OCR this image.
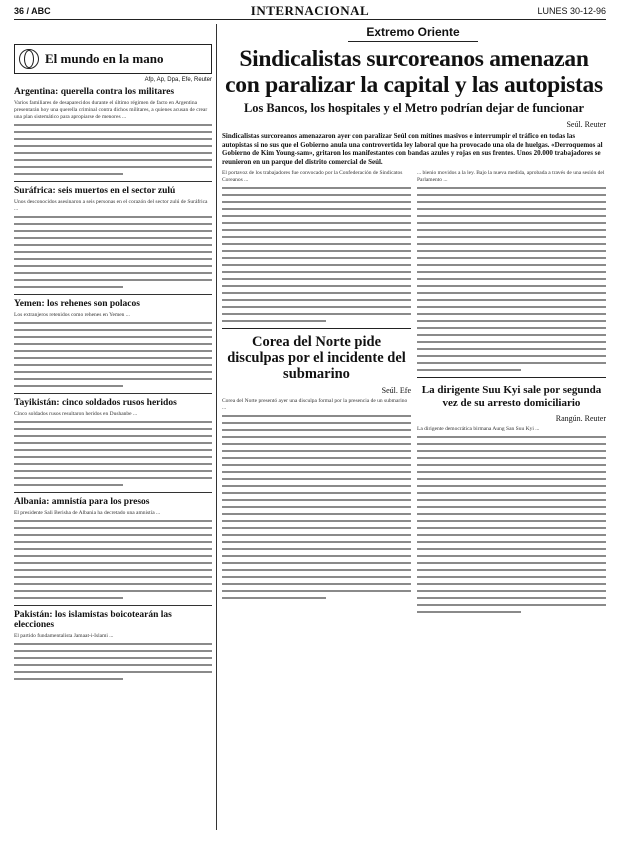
36 / ABC	INTERNACIONAL	LUNES 30-12-96
El mundo en la mano
Afp, Ap, Dpa, Efe, Reuter
Argentina: querella contra los militares
Varios familiares de desaparecidos durante el último régimen de facto en Argentina presentarán hoy una querella criminal contra dichos militares, a quienes acusan de crear una plan sistemático para apropiarse de menores ...
Suráfrica: seis muertos en el sector zulú
Unos desconocidos asesinaron a seis personas en el corazón del sector zulú de Suráfrica ...
Yemen: los rehenes son polacos
Los extranjeros retenidos como rehenes en Yemen ...
Tayikistán: cinco soldados rusos heridos
Cinco soldados rusos resultaron heridos en Dushanbe ...
Albania: amnistía para los presos
El presidente Sali Berisha de Albania ha decretado una amnistía ...
Pakistán: los islamistas boicotearán las elecciones
El partido fundamentalista Jamaat-i-Islami ...
Extremo Oriente
Sindicalistas surcoreanos amenazan con paralizar la capital y las autopistas
Los Bancos, los hospitales y el Metro podrían dejar de funcionar
Seúl. Reuter
Sindicalistas surcoreanos amenazaron ayer con paralizar Seúl con mítines masivos e interrumpir el tráfico en todas las autopistas si no sus que el Gobierno anula una controvertida ley laboral que ha provocado una ola de huelgas. «Derroquemos al Gobierno de Kim Young-sam», gritaron los manifestantes con bandas azules y rojas en sus frentes. Unos 20.000 trabajadores se reunieron en un parque del distrito comercial de Seúl.
El portavoz de los trabajadores fue convocado por la Confederación de Sindicatos Coreanos ...
Corea del Norte pide disculpas por el incidente del submarino
Seúl. Efe
Corea del Norte presentó ayer una disculpa formal por la presencia de un submarino ...
... bienio movidos a la ley. Bajo la nueva medida, aprobada a través de una sesión del Parlamento ...
La dirigente Suu Kyi sale por segunda vez de su arresto domiciliario
Rangún. Reuter
La dirigente democrática birmana Aung San Suu Kyi ...
